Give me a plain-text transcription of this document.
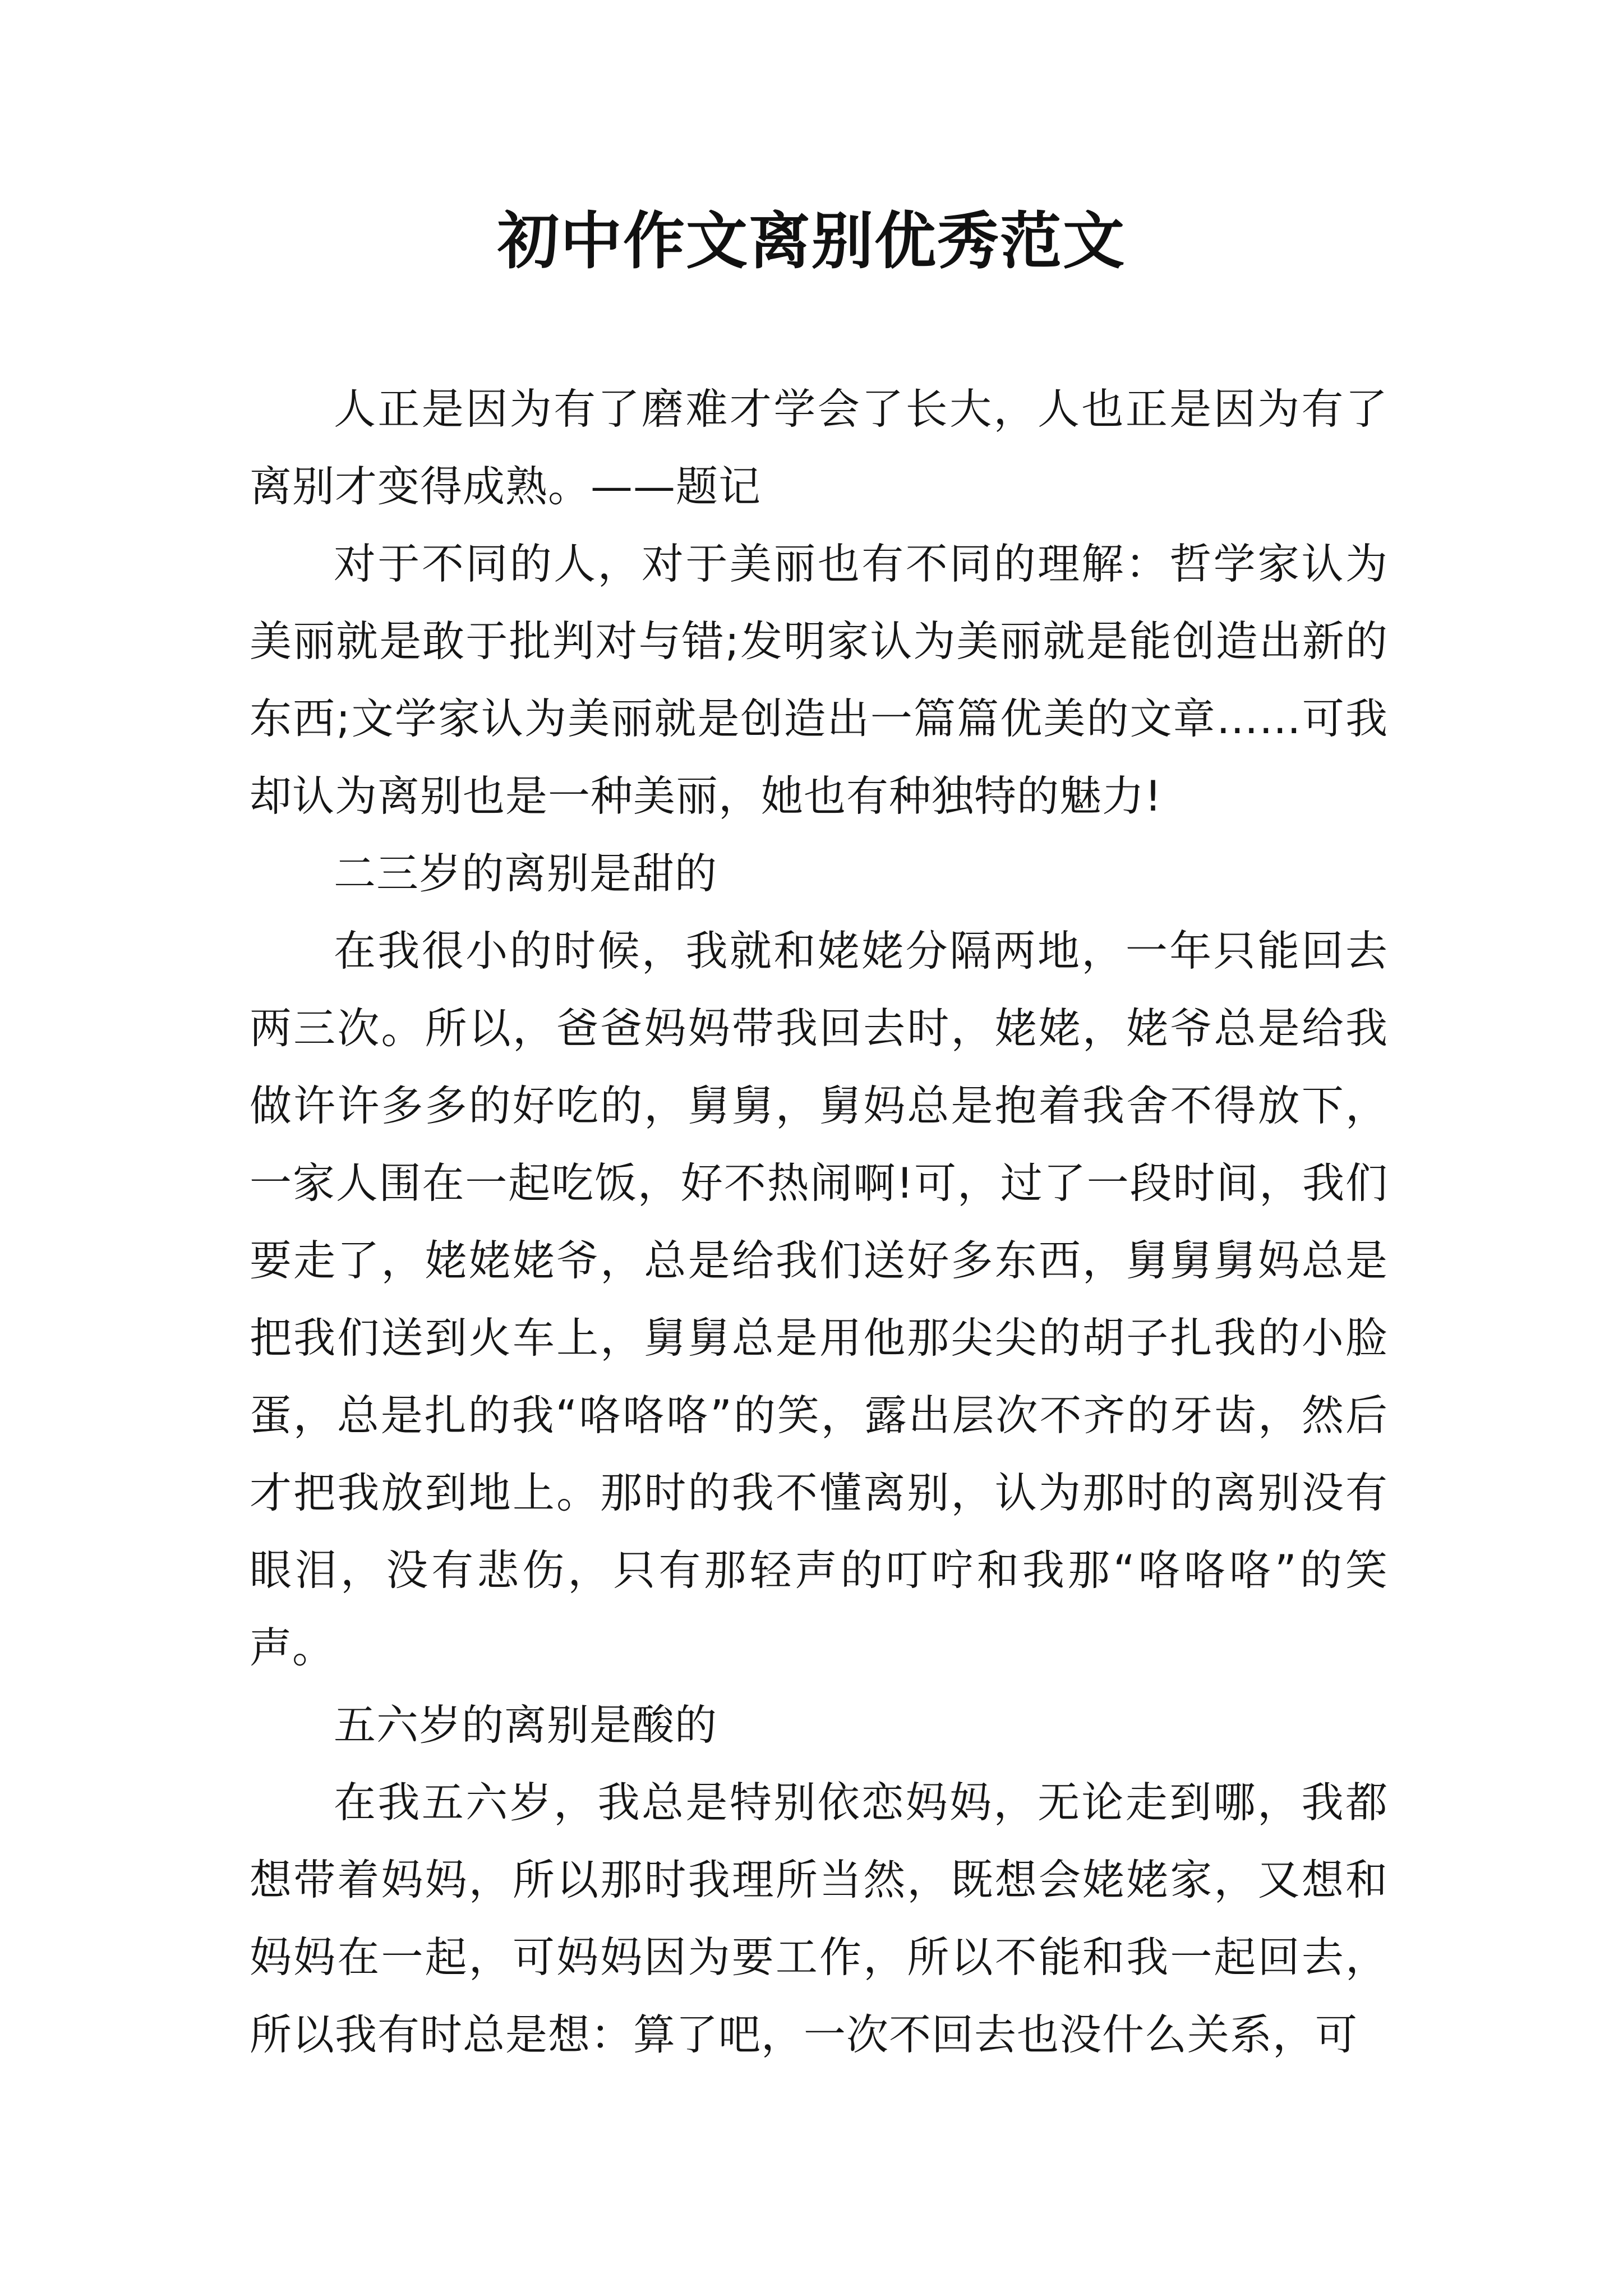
初中作文离别优秀范文

人正是因为有了磨难才学会了长大，人也正是因为有了离别才变得成熟。——题记

对于不同的人，对于美丽也有不同的理解：哲学家认为美丽就是敢于批判对与错;发明家认为美丽就是能创造出新的东西;文学家认为美丽就是创造出一篇篇优美的文章……可我却认为离别也是一种美丽，她也有种独特的魅力!

二三岁的离别是甜的

在我很小的时候，我就和姥姥分隔两地，一年只能回去两三次。所以，爸爸妈妈带我回去时，姥姥，姥爷总是给我做许许多多的好吃的，舅舅，舅妈总是抱着我舍不得放下，一家人围在一起吃饭，好不热闹啊!可，过了一段时间，我们要走了，姥姥姥爷，总是给我们送好多东西，舅舅舅妈总是把我们送到火车上，舅舅总是用他那尖尖的胡子扎我的小脸蛋，总是扎的我“咯咯咯”的笑，露出层次不齐的牙齿，然后才把我放到地上。那时的我不懂离别，认为那时的离别没有眼泪，没有悲伤，只有那轻声的叮咛和我那“咯咯咯”的笑声。

五六岁的离别是酸的

在我五六岁，我总是特别依恋妈妈，无论走到哪，我都想带着妈妈，所以那时我理所当然，既想会姥姥家，又想和妈妈在一起，可妈妈因为要工作，所以不能和我一起回去，所以我有时总是想：算了吧，一次不回去也没什么关系，可
